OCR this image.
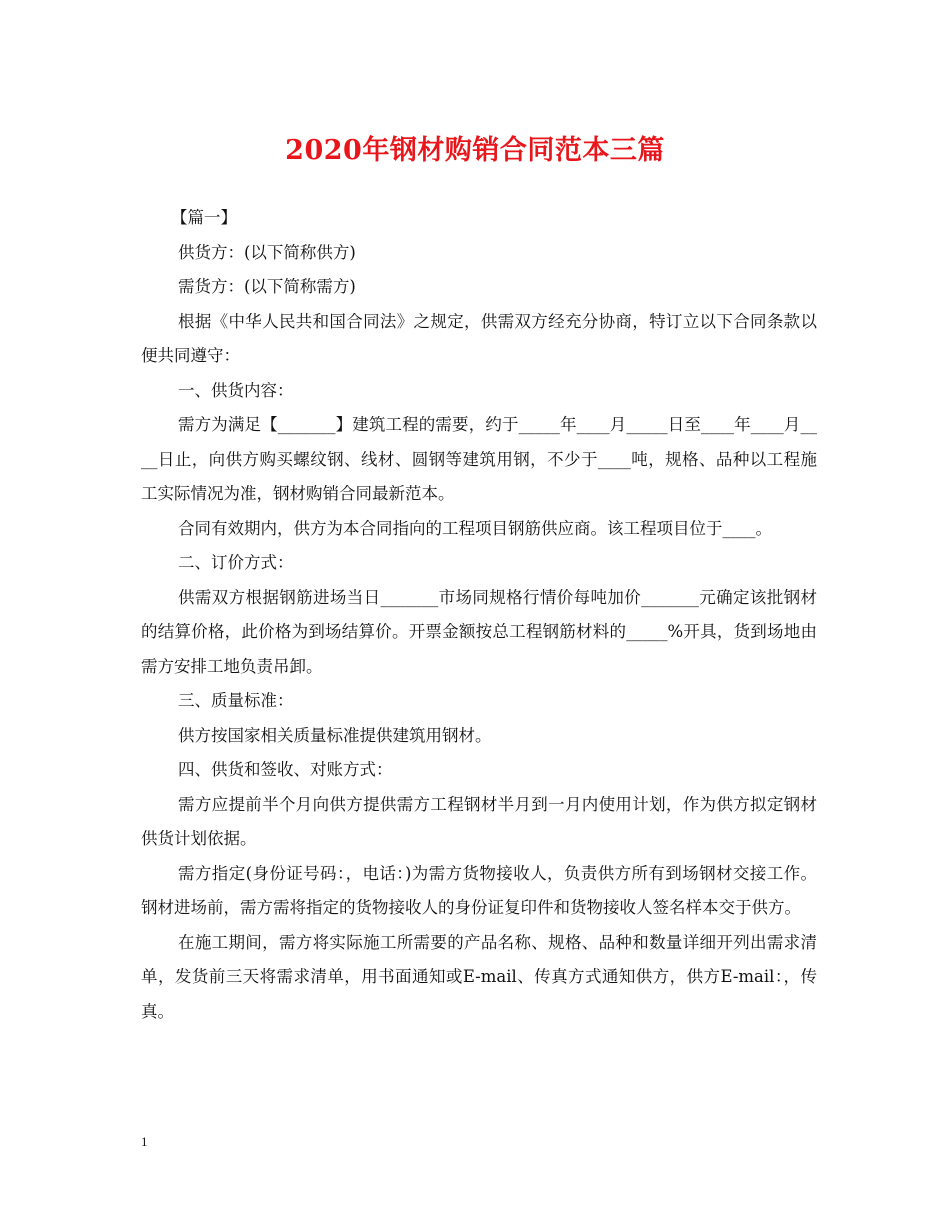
2020年钢材购销合同范本三篇

【篇一】

供货方：(以下简称供方)

需货方：(以下简称需方)

根据《中华人民共和国合同法》之规定，供需双方经充分协商，特订立以下合同条款以便共同遵守：

一、供货内容：

需方为满足【_______】建筑工程的需要，约于_____年____月_____日至____年____月____日止，向供方购买螺纹钢、线材、圆钢等建筑用钢，不少于____吨，规格、品种以工程施工实际情况为准，钢材购销合同最新范本。

合同有效期内，供方为本合同指向的工程项目钢筋供应商。该工程项目位于____。

二、订价方式：

供需双方根据钢筋进场当日_______市场同规格行情价每吨加价_______元确定该批钢材的结算价格，此价格为到场结算价。开票金额按总工程钢筋材料的_____%开具，货到场地由需方安排工地负责吊卸。

三、质量标准：

供方按国家相关质量标准提供建筑用钢材。

四、供货和签收、对账方式：

需方应提前半个月向供方提供需方工程钢材半月到一月内使用计划，作为供方拟定钢材供货计划依据。

需方指定(身份证号码：，电话：)为需方货物接收人，负责供方所有到场钢材交接工作。钢材进场前，需方需将指定的货物接收人的身份证复印件和货物接收人签名样本交于供方。

在施工期间，需方将实际施工所需要的产品名称、规格、品种和数量详细开列出需求清单，发货前三天将需求清单，用书面通知或E-mail、传真方式通知供方，供方E-mail：，传真。

1
